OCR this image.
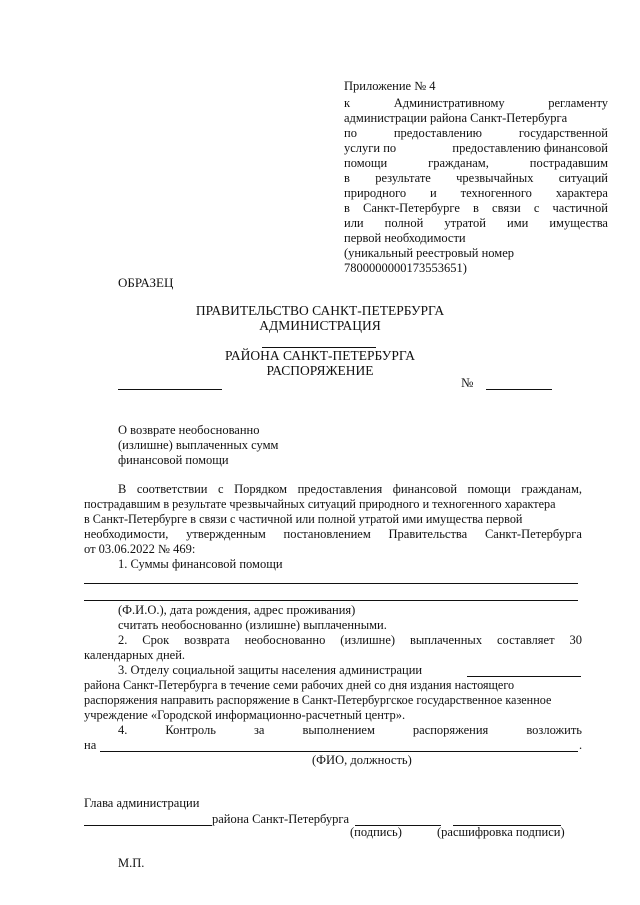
Приложение № 4
к	Административному	регламенту
администрации района Санкт-Петербурга
по	предоставлению	государственной
услуги по	предоставлению финансовой
помощи	гражданам,	пострадавшим
в результате чрезвычайных ситуаций
природного и техногенного характера
в Санкт-Петербурге в связи с частичной
или полной утратой ими имущества
первой необходимости
(уникальный реестровый номер
7800000000173553651)
ОБРАЗЕЦ
ПРАВИТЕЛЬСТВО САНКТ-ПЕТЕРБУРГА
АДМИНИСТРАЦИЯ
РАЙОНА САНКТ-ПЕТЕРБУРГА
РАСПОРЯЖЕНИЕ
№
О возврате необоснованно
(излишне) выплаченных сумм
финансовой помощи
В соответствии с Порядком предоставления финансовой помощи гражданам,
пострадавшим в результате чрезвычайных ситуаций природного и техногенного характера
в Санкт-Петербурге в связи с частичной или полной утратой ими имущества первой
необходимости, утвержденным постановлением Правительства Санкт-Петербурга
от 03.06.2022 № 469:
1. Суммы финансовой помощи
(Ф.И.О.), дата рождения, адрес проживания)
считать необоснованно (излишне) выплаченными.
2. Срок возврата необоснованно (излишне) выплаченных составляет 30
календарных дней.
3. Отделу социальной защиты населения администрации
района Санкт-Петербурга в течение семи рабочих дней со дня издания настоящего
распоряжения направить распоряжение в Санкт-Петербургское государственное казенное
учреждение «Городской информационно-расчетный центр».
4.	Контроль	за	выполнением	распоряжения	возложить
на	.
(ФИО, должность)
Глава администрации
района Санкт-Петербурга
(подпись)	(расшифровка подписи)
М.П.
